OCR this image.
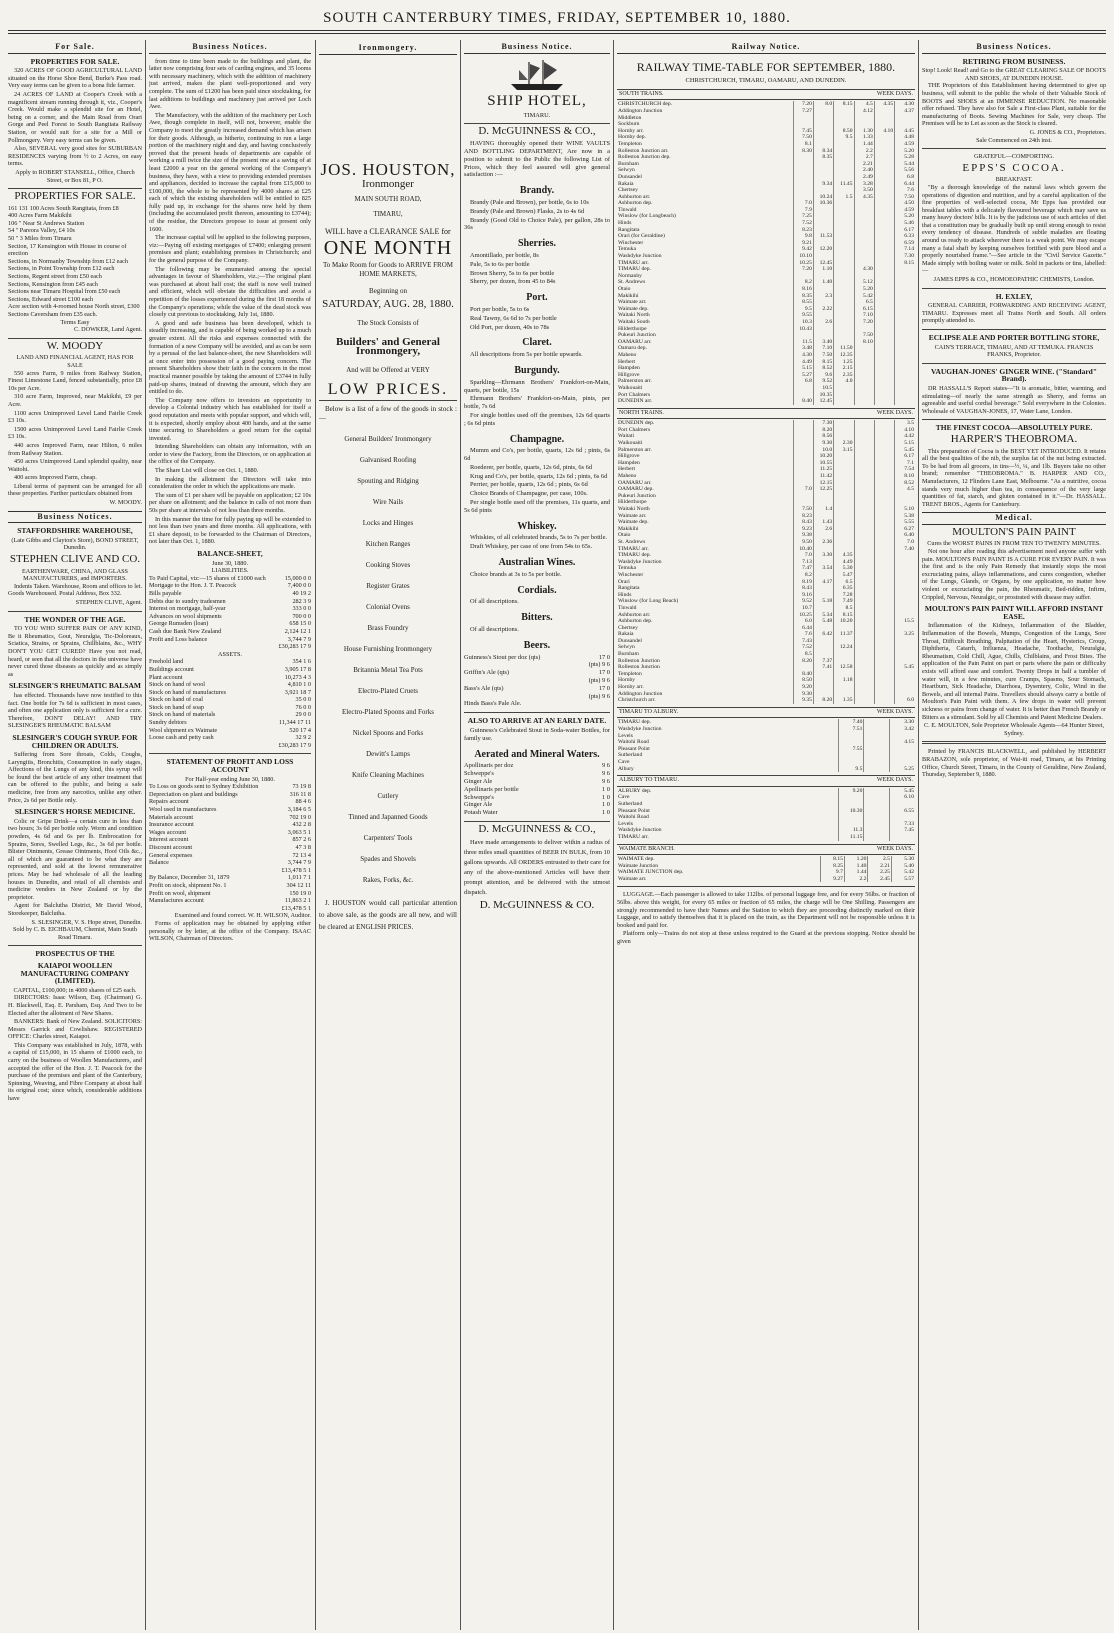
SOUTH CANTERBURY TIMES, FRIDAY, SEPTEMBER 10, 1880.
For Sale.
PROPERTIES FOR SALE.
320 ACRES OF GOOD AGRICULTURAL LAND situated on the Horse Shoe Bend, Burke's Pass road. Very easy terms can be given to a bona fide farmer.
24 ACRES OF LAND at Cooper's Creek with a magnificent stream running through it, viz., Cooper's Creek. Would make a splendid site for an Hotel, being on a corner, and the Main Road from Orari Gorge and Peel Forest to South Rangitata Railway Station, or would suit for a site for a Mill or Pollmongery. Very easy terms can be given.
Also, SEVERAL very good sites for SUBURBAN RESIDENCES varying from ½ to 2 Acres, on easy terms.
Apply to ROBERT STANSELL, Office, Church Street, or Box 81, P O.
PROPERTIES FOR SALE.
161 131 100 Acres South Rangitata, from £8
400 Acres Farm Makikihi
106 " Near St Andrews Station
54 " Pareora Valley, £4 10s
50 " 3 Miles from Timaru
Section, 17 Kensington with House in course of erection
Sections, in Normanby Township from £12 each
Sections, in Point Township from £12 each
Sections, Regent street from £50 each
Sections, Kensington from £45 each
Sections near Timaru Hospital from £50 each
Sections, Edward street £100 each
Acre section with 4-roomed house North street, £300
Sections Caversham from £35 each.
Terms Easy
C. DOWKER, Land Agent.
W. MOODY
LAND AND FINANCIAL AGENT, HAS FOR SALE
550 acres Farm, 9 miles from Railway Station, Finest Limestone Land, fenced substantially, price £8 10s per Acre.
310 acre Farm, Improved, near Makikihi, £9 per Acre.
1100 acres Unimproved Level Land Fairlie Creek £3 10s.
1500 acres Unimproved Level Land Fairlie Creek £3 10s.
440 acres Improved Farm, near Hilton, 6 miles from Railway Station.
450 acres Unimproved Land splendid quality, near Waitohi.
400 acres Improved Farm, cheap.
Liberal terms of payment can be arranged for all these properties. Further particulars obtained from
W. MOODY.
Business Notices.
STAFFORDSHIRE WAREHOUSE,
(Late Gibbs and Clayton's Store), BOND STREET, Dunedin.
STEPHEN CLIVE AND CO.
EARTHENWARE, CHINA, AND GLASS MANUFACTURERS, and IMPORTERS.
Indents Taken. Warehouse, Room and offices to let. Goods Warehoused. Postal Address, Box 332.
STEPHEN CLIVE, Agent.
THE WONDER OF THE AGE.
TO YOU WHO SUFFER PAIN OF ANY KIND, Be it Rheumatics, Gout, Neuralgia, Tic-Doloreaux, Sciatica, Strains, or Sprains, Chillblains, &c., WHY DON'T YOU GET CURED? Have you not read, heard, or seen that all the doctors in the universe have never cured those diseases as quickly and as simply as
SLESINGER'S RHEUMATIC BALSAM
has effected. Thousands have now testified to this fact. One bottle for 7s 6d is sufficient in most cases, and often one application only is sufficient for a cure. Therefore, DON'T DELAY! AND TRY SLESINGER'S RHEUMATIC BALSAM
SLESINGER'S COUGH SYRUP. FOR CHILDREN OR ADULTS.
Suffering from Sore throats, Colds, Coughs, Laryngitis, Bronchitis, Consumption in early stages, Affections of the Lungs of any kind, this syrup will be found the best article of any other treatment that can be offered to the public, and being a safe medicine, free from any narcotics, unlike any other. Price, 2s 6d per Bottle only.
SLESINGER'S HORSE MEDICINE.
Colic or Gripe Drink—a certain cure in less than two hours; 3s 6d per bottle only. Worm and condition powders, 4s 6d and 6s per lb. Embrocation for Sprains, Sores, Swelled Legs, &c., 3s 6d per bottle. Blister Ointments, Grease Ointments, Hoof Oils &c., all of which are guaranteed to be what they are represented, and sold at the lowest remunerative prices. May be had wholesale of all the leading houses in Dunedin, and retail of all chemists and medicine vendors in New Zealand or by the proprietor.
Agent for Balclutha District, Mr David Wood, Storekeeper, Balclutha.
S. SLESINGER, V. S. Hope street, Dunedin.
Sold by C. B. EICHBAUM, Chemist, Main South Road Timaru.
PROSPECTUS OF THE
KAIAPOI WOOLLEN MANUFACTURING COMPANY (LIMITED).
CAPITAL, £100,000; in 4000 shares of £25 each.
DIRECTORS: Isaac Wilson, Esq. (Chairman) G. H. Blackwell, Esq. E. Parsham, Esq. And Two to be Elected after the allotment of New Shares.
BANKERS: Bank of New Zealand. SOLICITORS: Messrs Garrick and Cowlishaw. REGISTERED OFFICE: Charles street, Kaiapoi.
This Company was established in July, 1878, with a capital of £15,000, in 15 shares of £1000 each, to carry on the business of Woollen Manufacturers, and accepted the offer of the Hon. J. T. Peacock for the purchase of the premises and plant of the Canterbury, Spinning, Weaving, and Fibre Company at about half its original cost; since which, considerable additions have
Business Notices.
from time to time been made to the buildings and plant, the latter now comprising four sets of carding engines, and 35 looms with necessary machinery, which with the addition of machinery just arrived, makes the plant well-proportioned and very complete. The sum of £1200 has been paid since stocktaking, for last additions to buildings and machinery just arrived per Loch Awe.
The Manufactory, with the addition of the machinery per Loch Awe, though complete in itself, will not, however, enable the Company to meet the greatly increased demand which has arisen for their goods. Although, as hitherto, continuing to run a large portion of the machinery night and day, and having conclusively proved that the present heads of departments are capable of working a mill twice the size of the present one at a saving of at least £2000 a year on the general working of the Company's business, they have, with a view to providing extended premises and appliances, decided to increase the capital from £15,000 to £100,000, the whole to be represented by 4000 shares at £25 each of which the existing shareholders will be entitled to 825 fully paid up, in exchange for the shares now held by them (including the accumulated profit thereon, amounting to £3744); of the residue, the Directors propose to issue at present only 1600.
The increase capital will be applied to the following purposes, viz:—Paying off existing mortgages of £7400; enlarging present premises and plant; establishing premises in Christchurch; and for the general purpose of the Company.
The following may be enumerated among the special advantages in favour of Shareholders, viz.;—The original plant was purchased at about half cost; the staff is now well trained and efficient, which will obviate the difficulties and avoid a repetition of the losses experienced during the first 18 months of the Company's operations; while the value of the dead stock was closely cut previous to stocktaking, July 1st, 1880.
A good and safe business has been developed, which is steadily increasing, and is capable of being worked up to a much greater extent. All the risks and expenses connected with the formation of a new Company will be avoided, and as can be seen by a perusal of the last balance-sheet, the new Shareholders will at once enter into possession of a good paying concern. The present Shareholders show their faith in the concern in the most practical manner possible by taking the amount of £3744 in fully paid-up shares, instead of drawing the amount, which they are entitled to do.
The Company now offers to investors an opportunity to develop a Colonial industry which has established for itself a good reputation and meets with popular support, and which will, it is expected, shortly employ about 400 hands, and at the same time securing to Shareholders a good return for the capital invested.
Intending Shareholders can obtain any information, with an order to view the Factory, from the Directors, or on application at the office of the Company.
The Share List will close on Oct. 1, 1880.
In making the allotment the Directors will take into consideration the order in which the applications are made.
The sum of £1 per share will be payable on application; £2 10s per share on allotment; and the balance in calls of not more than 50s per share at intervals of not less than three months.
In this manner the time for fully paying up will be extended to not less than two years and three months. All applications, with £1 share deposit, to be forwarded to the Chairman of Directors, not later than Oct. 1, 1880.
BALANCE-SHEET,
June 30, 1880.
LIABILITIES.
To Paid Capital, viz:—15 shares of £1000 each	15,000 0 0
Mortgage to the Hon. J. T. Peacock	7,400 0 0
Bills payable	40 19 2
Debts due to sundry tradesmen	282 3 9
Interest on mortgage, half-year	333 0 0
Advances on wool shipments	700 0 0
George Rumsden (loan)	658 15 0
Cash due Bank New Zealand	2,124 12 1
Profit and Loss balance	3,744 7 9
£30,283 17 9
ASSETS.
Freehold land	354 1 6
Buildings account	3,905 17 8
Plant account	10,273 4 3
Stock on hand of wool	4,810 1 0
Stock on hand of manufactures	3,921 18 7
Stock on hand of coal	35 0 0
Stock on hand of soap	76 0 0
Stock on hand of materials	29 0 0
Sundry debtors	11,344 17 11
Wool shipment ex Waimate	520 17 4
Loose cash and petty cash	32 9 2
£30,283 17 9
STATEMENT OF PROFIT AND LOSS ACCOUNT
For Half-year ending June 30, 1880.
To Loss on goods sent to Sydney Exhibition	73 19 8
Depreciation on plant and buildings	316 11 8
Repairs account	88 4 6
Wool used in manufactures	3,184 6 5
Materials account	702 19 0
Insurance account	432 2 8
Wages account	3,063 5 1
Interest account	857 2 6
Discount account	47 3 8
General expenses	72 13 4
Balance	3,744 7 9
£13,478 5 1
By Balance, December 31, 1879	1,011 7 1
Profit on stock, shipment No. 1	304 12 11
Profit on wool, shipment	150 19 0
Manufactures account	11,863 2 1
£13,478 5 1
Examined and found correct. W. H. WILSON, Auditor.
Forms of application may be obtained by applying either personally or by letter, at the office of the Company. ISAAC WILSON, Chairman of Directors.
Ironmongery.
JOS. HOUSTON,
Ironmonger
MAIN SOUTH ROAD,
TIMARU,
WILL have a CLEARANCE SALE for
ONE MONTH
To Make Room for Goods to ARRIVE FROM HOME MARKETS,
Beginning on
SATURDAY, AUG. 28, 1880.
The Stock Consists of
Builders' and General Ironmongery,
And will be Offered at VERY
LOW PRICES.
Below is a list of a few of the goods in stock :—
General Builders' Ironmongery
Galvanised Roofing
Spouting and Ridging
Wire Nails
Locks and Hinges
Kitchen Ranges
Cooking Stoves
Register Grates
Colonial Ovens
Brass Foundry
House Furnishing Ironmongery
Britannia Metal Tea Pots
Electro-Plated Cruets
Electro-Plated Spoons and Forks
Nickel Spoons and Forks
Dewitt's Lamps
Knife Cleaning Machines
Cutlery
Tinned and Japanned Goods
Carpenters' Tools
Spades and Shovels
Rakes, Forks, &c.
J. HOUSTON would call particular attention to above sale, as the goods are all new, and will be cleared at ENGLISH PRICES.
Business Notice.
SHIP HOTEL,
TIMARU.
D. McGUINNESS & CO.,
HAVING thoroughly opened their WINE VAULTS AND BOTTLING DEPARTMENT, Are now in a position to submit to the Public the following List of Prices, which they feel assured will give general satisfaction :—
Brandy.
Brandy (Pale and Brown), per bottle, 6s to 10s
Brandy (Pale and Brown) Flasks, 2s to 4s 6d
Brandy (Good Old to Choice Pale), per gallon, 28s to 36s
Sherries.
Amontillado, per bottle, 8s
Pale, 5s to 6s per bottle
Brown Sherry, 5s to 6s per bottle
Sherry, per dozen, from 45 to 84s
Port.
Port per bottle, 5s to 6s
Real Tawny, 6s 6d to 7s per bottle
Old Port, per dozen, 40s to 78s
Claret.
All descriptions from 5s per bottle upwards.
Burgundy.
Sparkling—Ehrmann Brothers' Frankfort-on-Main, quarts, per bottle, 15s
Ehrmann Brothers' Frankfort-on-Main, pints, per bottle, 7s 6d
For single bottles used off the premises, 12s 6d quarts ; 6s 6d pints
Champagne.
Mumm and Co's, per bottle, quarts, 12s 6d ; pints, 6s 6d
Roederer, per bottle, quarts, 12s 6d, pints, 6s 6d
Krug and Co's, per bottle, quarts, 12s 6d ; pints, 6s 6d
Perrier, per bottle, quarts, 12s 6d ; pints, 6s 6d
Choice Brands of Champagne, per case, 100s.
Per single bottle used off the premises, 11s quarts, and 5s 6d pints
Whiskey.
Whiskies, of all celebrated brands, 5s to 7s per bottle.
Draft Whiskey, per case of one from 54s to 65s.
Australian Wines.
Choice brands at 3s to 5s per bottle.
Cordials.
Of all descriptions.
Bitters.
Of all descriptions.
Beers.
Guinness's Stout per doz (qts)	17 0
(pts) 9 6
Griffin's Ale (qts)	17 0
(pts) 9 6
Bass's Ale (qts)	17 0
(pts) 9 6
Hinds Bass's Pale Ale.
ALSO TO ARRIVE AT AN EARLY DATE.
Guinness's Celebrated Stout in Soda-water Bottles, for family use.
Aerated and Mineral Waters.
Apollinaris per doz	9 6
Schweppe's	9 6
Ginger Ale	9 6
Apollinaris per bottle	1 0
Schweppe's	1 0
Ginger Ale	1 0
Potash Water	1 0
D. McGUINNESS & CO.,
Have made arrangements to deliver within a radius of three miles small quantities of BEER IN BULK, from 10 gallons upwards. All ORDERS entrusted to their care for any of the above-mentioned Articles will have their prompt attention, and be delivered with the utmost dispatch.
D. McGUINNESS & CO.
Railway Notice.
RAILWAY TIME-TABLE FOR SEPTEMBER, 1880.
CHRISTCHURCH, TIMARU, OAMARU, AND DUNEDIN.
SOUTH TRAINS.	WEEK DAYS.
CHRISTCHURCH dep.	7.20	8.0	8.15	4.5	4.35	4.30
Addington Junction	7.27			4.12		4.37
Middleton						
Sockburn						
Hornby arr.	7.45		8.50	1.30	4.10	4.45
Hornby dep.	7.50		9.5	1.33		4.48
Templeton	8.1			1.44		4.59
Rolleston Junction arr.	8.30	8.34		2.2		5.20
Rolleston Junction dep.		8.35		2.7		5.28
Burnham				2.21		5.44
Selwyn				2.40		5.56
Dunsandel				2.49		6.8
Rakaia		9.34	11.45	3.28		6.44
Chertsey				3.50		7.6
Ashburton arr.		10.24	1.5	4.35		7.50
Ashburton dep.	7.0	10.36				4.50
Tinwald	7.9					4.59
Winslow (for Longbeach)	7.25					5.20
Hinds	7.52					5.46
Rangitata	8.23					6.17
Orari (for Geraldine)	9.8	11.53				6.33
Winchester	9.21					6.59
Temuka	9.42	12.20				7.14
Washdyke Junction	10.10					7.30
TIMARU arr.	10.25	12.45				8.15
TIMARU dep.	7.20	1.10		4.30		
Normanby						
St. Andrews	8.2	1.40		5.12		
Otaio	8.16			5.20		
Makikihi	8.35	2.3		5.42		
Waimate arr.	8.55			6.5		
Waimate dep.	9.5	2.22		6.15		
Waitaki North	9.55			7.10		
Waitaki South	10.3	2.6		7.20		
Hilderthorpe	10.43					
Pukeuri Junction				7.50		
OAMARU arr.	11.5	3.40		8.10		
Oamaru dep.	3.48	7.10	11.50			
Maheno	4.30	7.50	12.35			
Herbert	4.49	8.15	1.25			
Hampden	5.15	8.52	2.15			
Hillgrove	5.27	9.6	2.35			
Palmerston arr.	6.8	9.52	4.0			
Waikouaiti		10.5				
Port Chalmers		10.35				
DUNEDIN arr.	8.40	12.45				
NORTH TRAINS.	WEEK DAYS.
DUNEDIN dep.		7.30				3.5
Port Chalmers		8.20				4.10
Waitati		8.56				4.42
Waikouaiti		9.30	2.30			5.15
Palmerston arr.		10.0	3.15			5.45
Hillgrove		10.20				6.17
Hampden		10.55				7.1
Herbert		11.25				7.54
Maheno		11.42				8.10
OAMARU arr.		12.15				8.52
OAMARU dep.	7.0	12.25				4.5
Pukeuri Junction						
Hilderthorpe						
Waitaki North	7.50	1.4				5.10
Waimate arr.	8.23					5.38
Waimate dep.	8.43	1.43				5.55
Makikihi	9.23	2.6				6.27
Otaio	9.38					6.40
St. Andrews	9.50	2.36				7.0
TIMARU arr.	10.40					7.40
TIMARU dep.	7.0	3.30	4.35			
Washdyke Junction	7.13		4.49			
Temuka	7.47	3.54	5.30			
Winchester	8.2		5.47			
Orari	8.19	4.17	6.5			
Rangitata	8.43		6.35			
Hinds	9.16		7.28			
Winslow (for Long Beach)	9.52	5.18	7.49			
Tinwald	10.7		8.5			
Ashburton arr.	10.25	5.34	8.15			
Ashburton dep.	6.0	5.48	10.20			15.5
Chertsey	6.44					
Rakaia	7.6	6.42	11.37			3.25
Dunsandel	7.43					
Selwyn	7.52		12.24			
Burnham	8.5					
Rolleston Junction	8.20	7.37				
Rolleston Junction		7.41	12.58			5.45
Templeton	8.40					
Hornby	8.50		1.18			
Hornby arr.	9.20					
Addington Junction	9.30					
Christchurch arr.	9.35	8.20	1.35			6.0
TIMARU TO ALBURY.	WEEK DAYS.
TIMARU dep.	7.40		3.30
Washdyke Junction	7.51		3.42
Levels			
Waitohi Road			4.15
Pleasant Point	7.55		
Sutherland			
Cave			
Albury	9.5		5.25
ALBURY TO TIMARU.	WEEK DAYS.
ALBURY dep.	9.20		5.45
Cave			6.10
Sutherland			
Pleasant Point	10.30		6.55
Waitohi Road			
Levels			7.33
Washdyke Junction	11.3		7.45
TIMARU arr.	11.15		
WAIMATE BRANCH.	WEEK DAYS.
WAIMATE dep.	8.15	1.20	2.5	5.30
Waimate Junction	8.25	1.40	2.21	5.40
WAIMATE JUNCTION dep.	9.7	1.44	2.25	5.42
Waimate arr.	9.27	2.2	2.45	5.57
LUGGAGE.—Each passenger is allowed to take 112lbs. of personal luggage free, and for every 56lbs. or fraction of 56lbs. above this weight, for every 65 miles or fraction of 65 miles, the charge will be One Shilling. Passengers are strongly recommended to have their Names and the Station to which they are proceeding distinctly marked on their Luggage, and to satisfy themselves that it is placed on the train, as the Department will not be responsible unless it is booked and paid for.
Platform only—Trains do not stop at these unless required to the Guard at the previous stopping. Notice should be given
Business Notices.
RETIRING FROM BUSINESS.
Stop! Look! Read! and Go to the GREAT CLEARING SALE OF BOOTS AND SHOES, AT DUNEDIN HOUSE.
THE Proprietors of this Establishment having determined to give up business, will submit to the public the whole of their Valuable Stock of BOOTS and SHOES at an IMMENSE REDUCTION. No reasonable offer refused. They have also for Sale a First-class Plant, suitable for the manufacturing of Boots. Sewing Machines for Sale, very cheap. The Premises will be to Let as soon as the Stock is cleared.
G. JONES & CO., Proprietors.
Sale Commenced on 24th inst.
GRATEFUL—COMFORTING.
EPPS'S COCOA.
BREAKFAST.
"By a thorough knowledge of the natural laws which govern the operations of digestion and nutrition, and by a careful application of the fine properties of well-selected cocoa, Mr Epps has provided our breakfast tables with a delicately flavoured beverage which may save us many heavy doctors' bills. It is by the judicious use of such articles of diet that a constitution may be gradually built up until strong enough to resist every tendency of disease. Hundreds of subtle maladies are floating around us ready to attack wherever there is a weak point. We may escape many a fatal shaft by keeping ourselves fortified with pure blood and a properly nourished frame."—See article in the "Civil Service Gazette." Made simply with boiling water or milk. Sold in packets or tins, labelled:—
JAMES EPPS & CO., HOMOEOPATHIC CHEMISTS, London.
H. EXLEY,
GENERAL CARRIER, FORWARDING AND RECEIVING AGENT, TIMARU. Expresses meet all Trains North and South. All orders promptly attended to.
ECLIPSE ALE AND PORTER BOTTLING STORE,
CAIN'S TERRACE, TIMARU, AND AT TEMUKA. FRANCIS FRANKS, Proprietor.
VAUGHAN-JONES' GINGER WINE. ("Standard" Brand).
DR HASSALL'S Report states—"It is aromatic, bitter, warming, and stimulating—of nearly the same strength as Sherry, and forms an agreeable and useful cordial beverage." Sold everywhere in the Colonies. Wholesale of VAUGHAN-JONES, 17, Water Lane, London.
THE FINEST COCOA—ABSOLUTELY PURE.
HARPER'S THEOBROMA.
This preparation of Cocoa is the BEST YET INTRODUCED. It retains all the best qualities of the nib, the surplus fat of the nut being extracted. To be had from all grocers, in tins—½, ¼, and 1lb. Buyers take no other brand; remember "THEOBROMA." B. HARPER AND CO., Manufacturers, 12 Flinders Lane East, Melbourne. "As a nutritive, cocoa stands very much higher than tea, in consequence of the very large quantities of fat, starch, and gluten contained in it."—Dr. HASSALL. TRENT BROS., Agents for Canterbury.
Medical.
MOULTON'S PAIN PAINT
Cures the WORST PAINS IN FROM TEN TO TWENTY MINUTES.
Not one hour after reading this advertisement need anyone suffer with pain. MOULTON'S PAIN PAINT IS A CURE FOR EVERY PAIN. It was the first and is the only Pain Remedy that instantly stops the most excruciating pains, allays inflammations, and cures congestion, whether of the Lungs, Glands, or Organs, by one application, no matter how violent or excruciating the pain, the Rheumatic, Bed-ridden, Infirm, Crippled, Nervous, Neuralgic, or prostrated with disease may suffer.
MOULTON'S PAIN PAINT WILL AFFORD INSTANT EASE.
Inflammation of the Kidneys, Inflammation of the Bladder, Inflammation of the Bowels, Mumps, Congestion of the Lungs, Sore Throat, Difficult Breathing, Palpitation of the Heart, Hysterics, Croup, Diphtheria, Catarrh, Influenza, Headache, Toothache, Neuralgia, Rheumatism, Cold Chill, Ague, Chills, Chilblains, and Frost Bites. The application of the Pain Paint on part or parts where the pain or difficulty exists will afford ease and comfort. Twenty Drops in half a tumbler of water will, in a few minutes, cure Cramps, Spasms, Sour Stomach, Heartburn, Sick Headache, Diarrhoea, Dysentery, Colic, Wind in the Bowels, and all internal Pains. Travellers should always carry a bottle of Moulton's Pain Paint with them. A few drops in water will prevent sickness or pains from change of water. It is better than French Brandy or Bitters as a stimulant. Sold by all Chemists and Patent Medicine Dealers.
C. E. MOULTON, Sole Proprietor Wholesale Agents—64 Hunter Street, Sydney.
Printed by FRANCIS BLACKWELL, and published by HERBERT BRABAZON, sole proprietor, of Wai-iti road, Timaru, at his Printing Office, Church Street, Timaru, in the County of Geraldine, New Zealand, Thursday, September 9, 1880.
